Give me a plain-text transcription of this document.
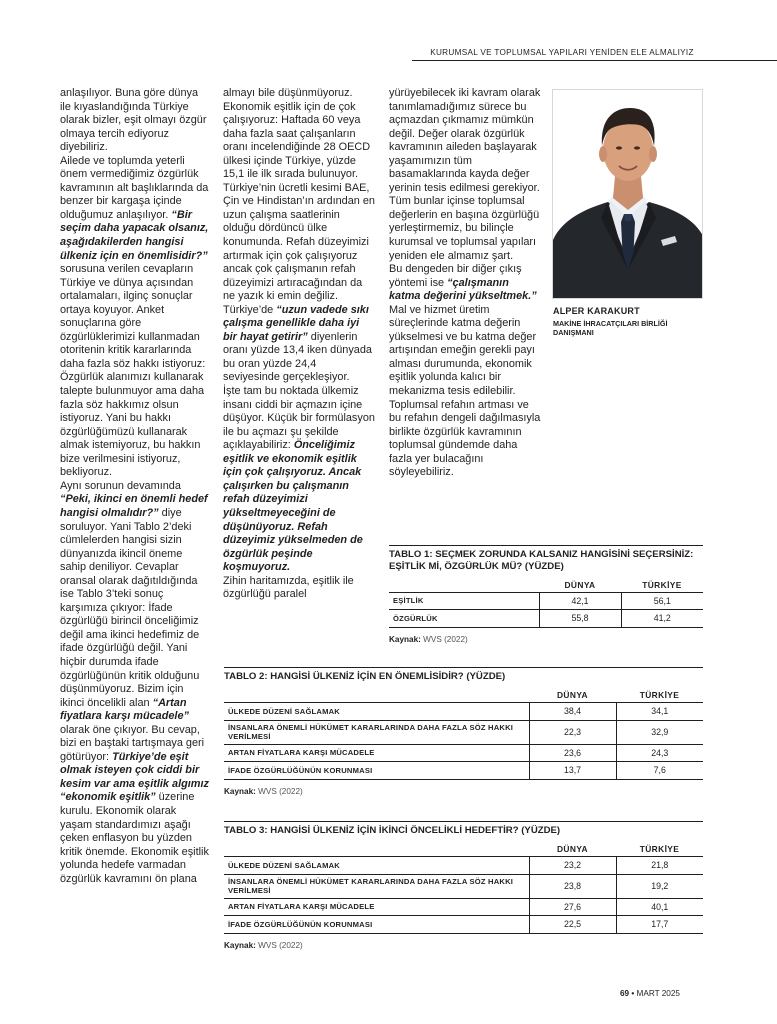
KURUMSAL VE TOPLUMSAL YAPILARI YENİDEN ELE ALMALIYIZ

anlaşılıyor. Buna göre dünya ile kıyaslandığında Türkiye olarak bizler, eşit olmayı özgür olmaya tercih ediyoruz diyebiliriz.

Ailede ve toplumda yeterli önem vermediğimiz özgürlük kavramının alt başlıklarında da benzer bir kargaşa içinde olduğumuz anlaşılıyor. “Bir seçim daha yapacak olsanız, aşağıdakilerden hangisi ülkeniz için en önemlisidir?” sorusuna verilen cevapların Türkiye ve dünya açısından ortalamaları, ilginç sonuçlar ortaya koyuyor. Anket sonuçlarına göre özgürlüklerimizi kullanmadan otoritenin kritik kararlarında daha fazla söz hakkı istiyoruz: Özgürlük alanımızı kullanarak talepte bulunmuyor ama daha fazla söz hakkımız olsun istiyoruz. Yani bu hakkı özgürlüğümüzü kullanarak almak istemiyoruz, bu hakkın bize verilmesini istiyoruz, bekliyoruz.

Aynı sorunun devamında “Peki, ikinci en önemli hedef hangisi olmalıdır?” diye soruluyor. Yani Tablo 2’deki cümlelerden hangisi sizin dünyanızda ikincil öneme sahip deniliyor. Cevaplar oransal olarak dağıtıldığında ise Tablo 3’teki sonuç karşımıza çıkıyor: İfade özgürlüğü birincil önceliğimiz değil ama ikinci hedefimiz de ifade özgürlüğü değil. Yani hiçbir durumda ifade özgürlüğünün kritik olduğunu düşünmüyoruz. Bizim için ikinci öncelikli alan “Artan fiyatlara karşı mücadele” olarak öne çıkıyor. Bu cevap, bizi en baştaki tartışmaya geri götürüyor: Türkiye’de eşit olmak isteyen çok ciddi bir kesim var ama eşitlik algımız “ekonomik eşitlik” üzerine kurulu. Ekonomik olarak yaşam standardımızı aşağı çeken enflasyon bu yüzden kritik önemde. Ekonomik eşitlik yolunda hedefe varmadan özgürlük kavramını ön plana

almayı bile düşünmüyoruz. Ekonomik eşitlik için de çok çalışıyoruz: Haftada 60 veya daha fazla saat çalışanların oranı incelendiğinde 28 OECD ülkesi içinde Türkiye, yüzde 15,1 ile ilk sırada bulunuyor. Türkiye’nin ücretli kesimi BAE, Çin ve Hindistan’ın ardından en uzun çalışma saatlerinin olduğu dördüncü ülke konumunda. Refah düzeyimizi artırmak için çok çalışıyoruz ancak çok çalışmanın refah düzeyimizi artıracağından da ne yazık ki emin değiliz. Türkiye’de “uzun vadede sıkı çalışma genellikle daha iyi bir hayat getirir” diyenlerin oranı yüzde 13,4 iken dünyada bu oran yüzde 24,4 seviyesinde gerçekleşiyor.

İşte tam bu noktada ülkemiz insanı ciddi bir açmazın içine düşüyor. Küçük bir formülasyon ile bu açmazı şu şekilde açıklayabiliriz: Önceliğimiz eşitlik ve ekonomik eşitlik için çok çalışıyoruz. Ancak çalışırken bu çalışmanın refah düzeyimizi yükseltmeyeceğini de düşünüyoruz. Refah düzeyimiz yükselmeden de özgürlük peşinde koşmuyoruz.

Zihin haritamızda, eşitlik ile özgürlüğü paralel

yürüyebilecek iki kavram olarak tanımlamadığımız sürece bu açmazdan çıkmamız mümkün değil. Değer olarak özgürlük kavramının aileden başlayarak yaşamımızın tüm basamaklarında kayda değer yerinin tesis edilmesi gerekiyor. Tüm bunlar içinse toplumsal değerlerin en başına özgürlüğü yerleştirmemiz, bu bilinçle kurumsal ve toplumsal yapıları yeniden ele almamız şart.

Bu dengeden bir diğer çıkış yöntemi ise “çalışmanın katma değerini yükseltmek.” Mal ve hizmet üretim süreçlerinde katma değerin yükselmesi ve bu katma değer artışından emeğin gerekli payı alması durumunda, ekonomik eşitlik yolunda kalıcı bir mekanizma tesis edilebilir. Toplumsal refahın artması ve bu refahın dengeli dağılmasıyla birlikte özgürlük kavramının toplumsal gündemde daha fazla yer bulacağını söyleyebiliriz.

ALPER KARAKURT
MAKİNE İHRACATÇILARI BİRLİĞİ DANIŞMANI
TABLO 1: SEÇMEK ZORUNDA KALSANIZ HANGİSİNİ SEÇERSİNİZ: EŞİTLİK Mİ, ÖZGÜRLÜK MÜ? (YÜZDE)
	DÜNYA	TÜRKİYE
EŞİTLİK	42,1	56,1
ÖZGÜRLÜK	55,8	41,2
Kaynak: WVS (2022)
TABLO 2: HANGİSİ ÜLKENİZ İÇİN EN ÖNEMLİSİDİR? (YÜZDE)
	DÜNYA	TÜRKİYE
ÜLKEDE DÜZENİ SAĞLAMAK	38,4	34,1
İNSANLARA ÖNEMLİ HÜKÜMET KARARLARINDA DAHA FAZLA SÖZ HAKKI VERİLMESİ	22,3	32,9
ARTAN FİYATLARA KARŞI MÜCADELE	23,6	24,3
İFADE ÖZGÜRLÜĞÜNÜN KORUNMASI	13,7	7,6
Kaynak: WVS (2022)
TABLO 3: HANGİSİ ÜLKENİZ İÇİN İKİNCİ ÖNCELİKLİ HEDEFTİR? (YÜZDE)
	DÜNYA	TÜRKİYE
ÜLKEDE DÜZENİ SAĞLAMAK	23,2	21,8
İNSANLARA ÖNEMLİ HÜKÜMET KARARLARINDA DAHA FAZLA SÖZ HAKKI VERİLMESİ	23,8	19,2
ARTAN FİYATLARA KARŞI MÜCADELE	27,6	40,1
İFADE ÖZGÜRLÜĞÜNÜN KORUNMASI	22,5	17,7
Kaynak: WVS (2022)
69 • MART 2025
